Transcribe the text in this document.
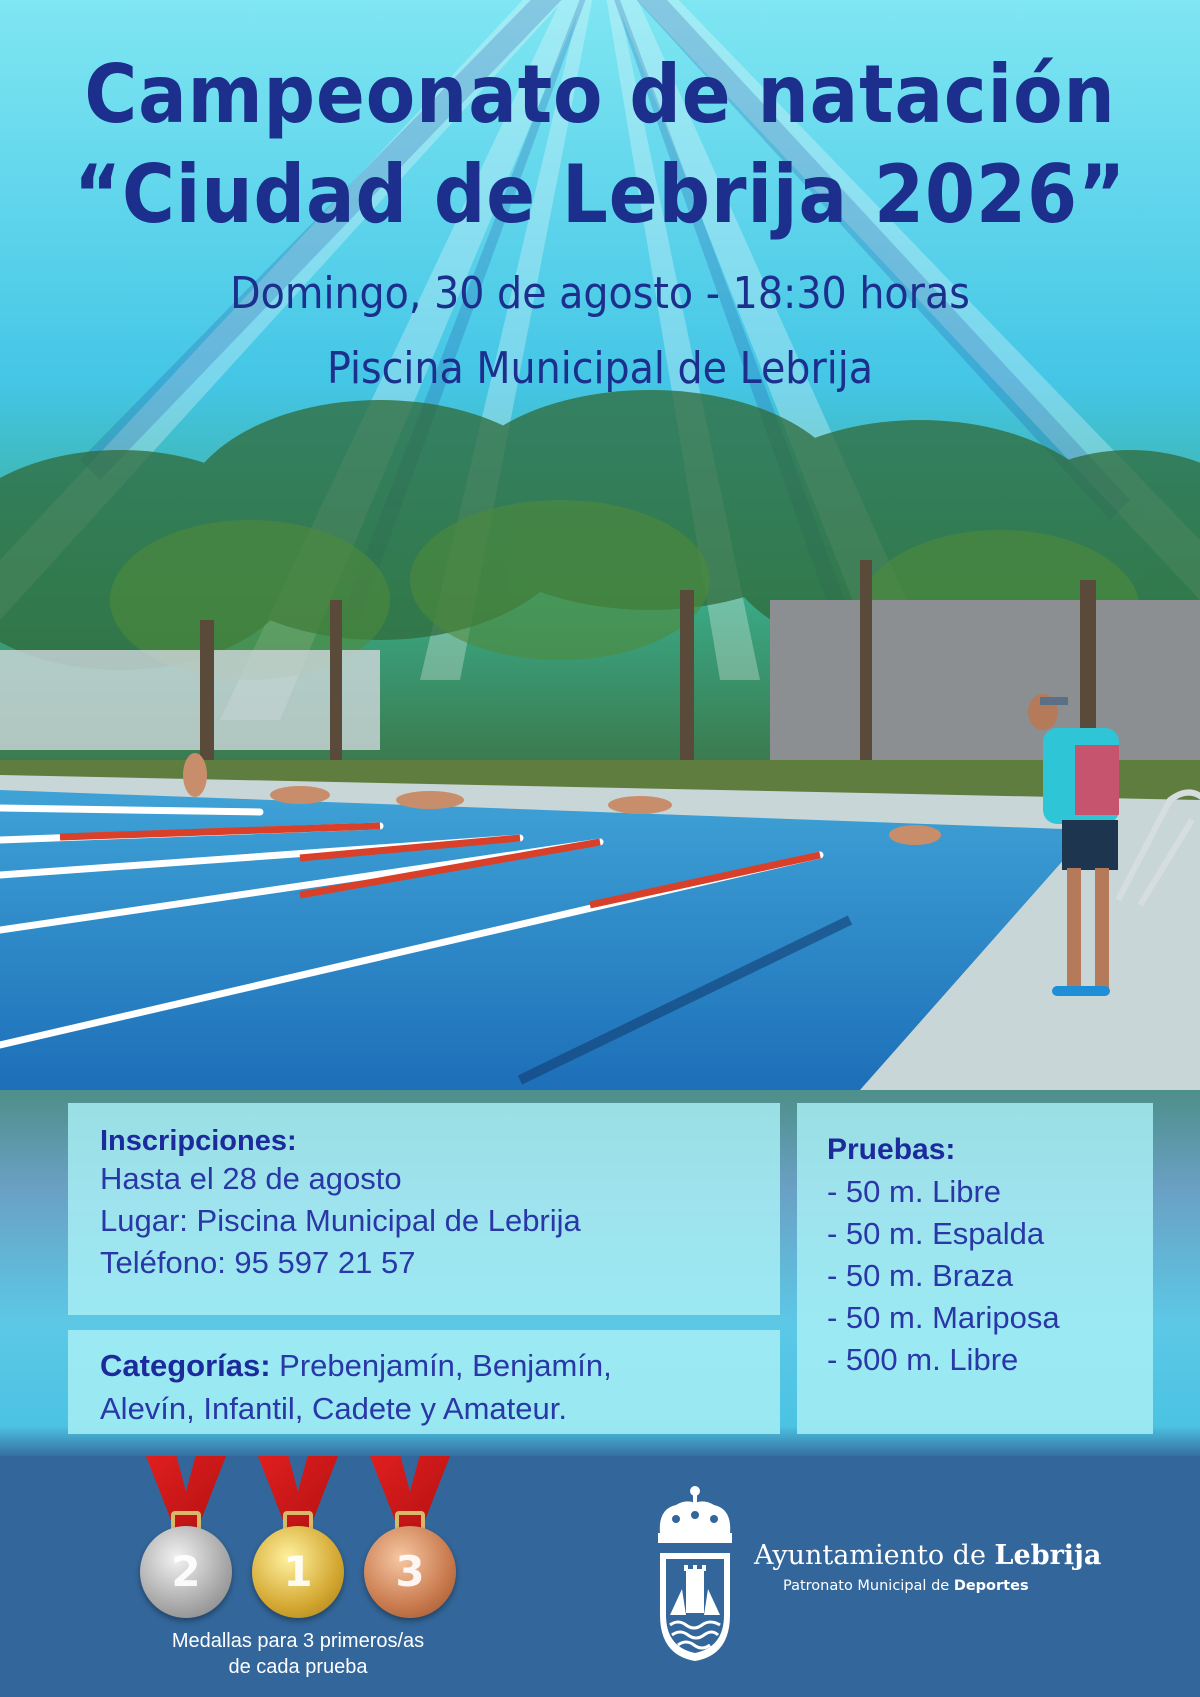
Campeonato de natación
“Ciudad de Lebrija 2026”
Domingo, 30 de agosto - 18:30 horas
Piscina Municipal de Lebrija
Inscripciones:
Hasta el 28 de agosto
Lugar: Piscina Municipal de Lebrija
Teléfono: 95 597 21 57
Categorías: Prebenjamín, Benjamín,
Alevín, Infantil, Cadete y Amateur.
Pruebas:
- 50 m. Libre
- 50 m. Espalda
- 50 m. Braza
- 50 m. Mariposa
- 500 m. Libre
2	1	3
Medallas para 3 primeros/as
de cada prueba
Ayuntamiento de Lebrija
Patronato Municipal de Deportes
